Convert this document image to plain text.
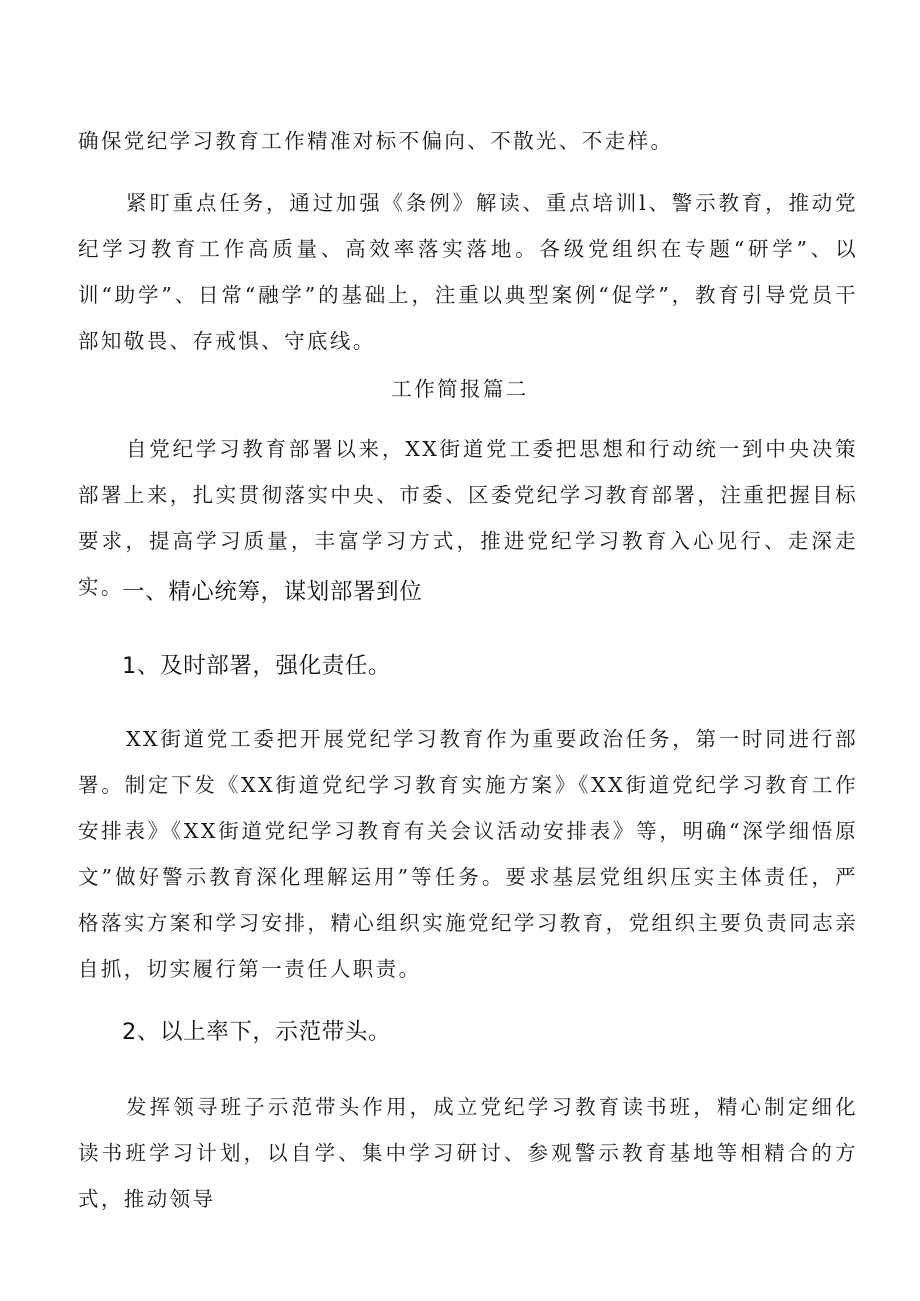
确保党纪学习教育工作精准对标不偏向、不散光、不走样。

紧盯重点任务，通过加强《条例》解读、重点培训l、警示教育，推动党纪学习教育工作高质量、高效率落实落地。各级党组织在专题“研学”、以训“助学”、日常“融学”的基础上，注重以典型案例“促学”，教育引导党员干部知敬畏、存戒惧、守底线。

工作简报篇二

自党纪学习教育部署以来，XX街道党工委把思想和行动统一到中央决策部署上来，扎实贯彻落实中央、市委、区委党纪学习教育部署，注重把握目标要求，提高学习质量，丰富学习方式，推进党纪学习教育入心见行、走深走实。

一、精心统筹，谋划部署到位

1、及时部署，强化责任。

XX街道党工委把开展党纪学习教育作为重要政治任务，第一时同进行部署。制定下发《XX街道党纪学习教育实施方案》《XX街道党纪学习教育工作安排表》《XX街道党纪学习教育有关会议活动安排表》等，明确“深学细悟原文”做好警示教育深化理解运用”等任务。要求基层党组织压实主体责任，严格落实方案和学习安排，精心组织实施党纪学习教育，党组织主要负责同志亲自抓，切实履行第一责任人职责。

2、以上率下，示范带头。

发挥领寻班子示范带头作用，成立党纪学习教育读书班，精心制定细化读书班学习计划，以自学、集中学习研讨、参观警示教育基地等相精合的方式，推动领导
